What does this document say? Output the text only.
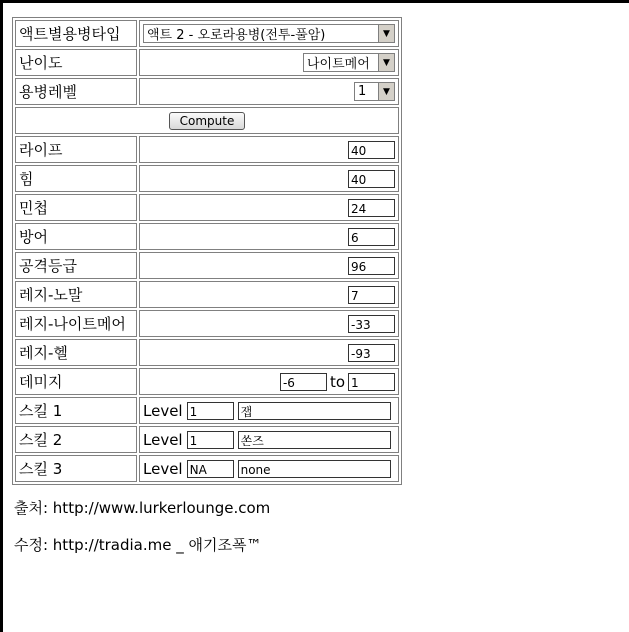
액트별용병타입	액트 2 - 오로라용병(전투-풀암) ▼

난이도	나이트메어 ▼

용병레벨	1 ▼

Compute	
라이프	40
힘	40
민첩	24
방어	6
공격등급	96
레지-노말	7
레지-나이트메어	-33
레지-헬	-93
데미지	-6 to 1
스킬 1	Level 1 잽
스킬 2	Level 1 쏜즈
스킬 3	Level NA none
출처: http://www.lurkerlounge.com
수정: http://tradia.me _ 애기조폭™
